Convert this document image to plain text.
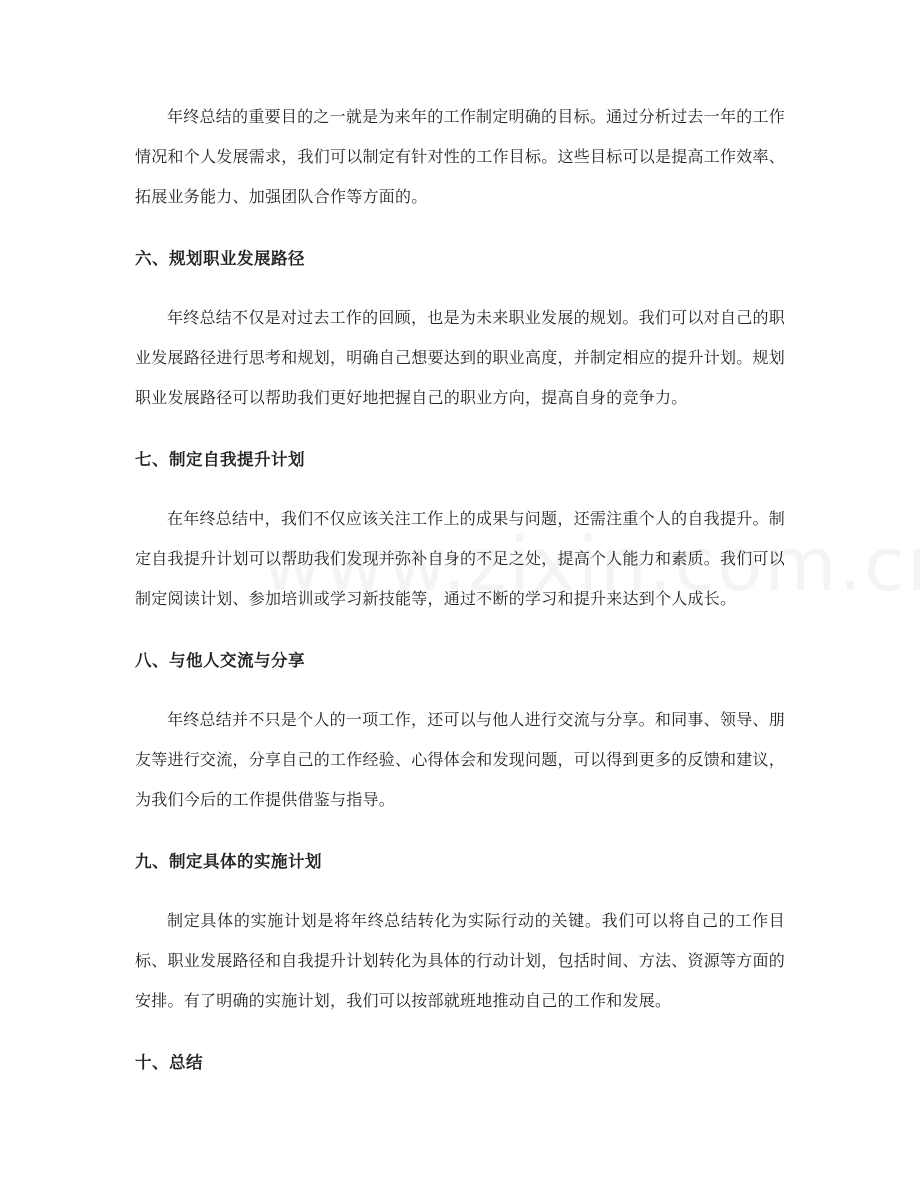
年终总结的重要目的之一就是为来年的工作制定明确的目标。通过分析过去一年的工作情况和个人发展需求，我们可以制定有针对性的工作目标。这些目标可以是提高工作效率、拓展业务能力、加强团队合作等方面的。

六、规划职业发展路径

年终总结不仅是对过去工作的回顾，也是为未来职业发展的规划。我们可以对自己的职业发展路径进行思考和规划，明确自己想要达到的职业高度，并制定相应的提升计划。规划职业发展路径可以帮助我们更好地把握自己的职业方向，提高自身的竞争力。

七、制定自我提升计划

在年终总结中，我们不仅应该关注工作上的成果与问题，还需注重个人的自我提升。制定自我提升计划可以帮助我们发现并弥补自身的不足之处，提高个人能力和素质。我们可以制定阅读计划、参加培训或学习新技能等，通过不断的学习和提升来达到个人成长。

八、与他人交流与分享

年终总结并不只是个人的一项工作，还可以与他人进行交流与分享。和同事、领导、朋友等进行交流，分享自己的工作经验、心得体会和发现问题，可以得到更多的反馈和建议，为我们今后的工作提供借鉴与指导。

九、制定具体的实施计划

制定具体的实施计划是将年终总结转化为实际行动的关键。我们可以将自己的工作目标、职业发展路径和自我提升计划转化为具体的行动计划，包括时间、方法、资源等方面的安排。有了明确的实施计划，我们可以按部就班地推动自己的工作和发展。

十、总结
